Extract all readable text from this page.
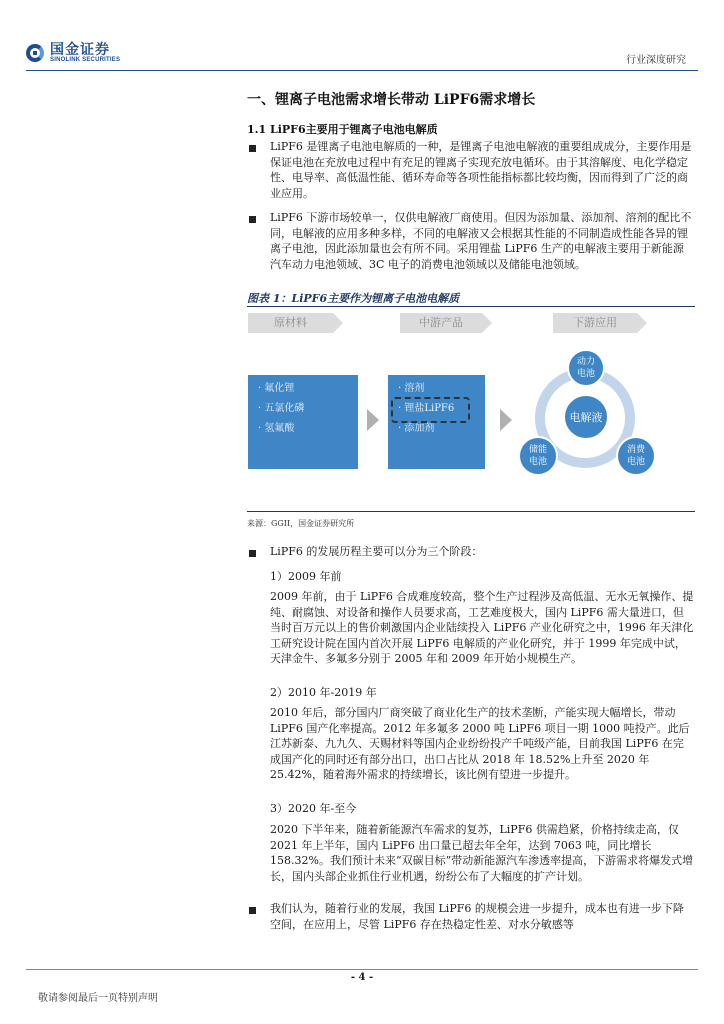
国金证券
SINOLINK SECURITIES	行业深度研究
一、锂离子电池需求增长带动 LiPF6需求增长
1.1 LiPF6主要用于锂离子电池电解质
LiPF6 是锂离子电池电解质的一种，是锂离子电池电解液的重要组成成分，主要作用是保证电池在充放电过程中有充足的锂离子实现充放电循环。由于其溶解度、电化学稳定性、电导率、高低温性能、循环寿命等各项性能指标都比较均衡，因而得到了广泛的商业应用。
LiPF6 下游市场较单一，仅供电解液厂商使用。但因为添加量、添加剂、溶剂的配比不同，电解液的应用多种多样，不同的电解液又会根据其性能的不同制造成性能各异的锂离子电池，因此添加量也会有所不同。采用锂盐 LiPF6 生产的电解液主要用于新能源汽车动力电池领域、3C 电子的消费电池领域以及储能电池领域。
图表 1：LiPF6主要作为锂离子电池电解质
原材料	中游产品	下游应用
· 氟化锂
· 五氯化磷
· 氢氟酸
· 溶剂
· 锂盐LiPF6
· 添加剂
电解液
动力电池
消费电池
储能电池
来源：GGII，国金证券研究所
LiPF6 的发展历程主要可以分为三个阶段：
1）2009 年前
2009 年前，由于 LiPF6 合成难度较高，整个生产过程涉及高低温、无水无氧操作、提纯、耐腐蚀、对设备和操作人员要求高，工艺难度极大，国内 LiPF6 需大量进口，但当时百万元以上的售价刺激国内企业陆续投入 LiPF6 产业化研究之中，1996 年天津化工研究设计院在国内首次开展 LiPF6 电解质的产业化研究，并于 1999 年完成中试，天津金牛、多氟多分别于 2005 年和 2009 年开始小规模生产。
2）2010 年-2019 年
2010 年后，部分国内厂商突破了商业化生产的技术垄断，产能实现大幅增长，带动 LiPF6 国产化率提高。2012 年多氟多 2000 吨 LiPF6 项目一期 1000 吨投产。此后江苏新泰、九九久、天赐材料等国内企业纷纷投产千吨级产能，目前我国 LiPF6 在完成国产化的同时还有部分出口，出口占比从 2018 年 18.52%上升至 2020 年 25.42%，随着海外需求的持续增长，该比例有望进一步提升。
3）2020 年-至今
2020 下半年来，随着新能源汽车需求的复苏，LiPF6 供需趋紧，价格持续走高，仅 2021 年上半年，国内 LiPF6 出口量已超去年全年，达到 7063 吨，同比增长 158.32%。我们预计未来“双碳目标”带动新能源汽车渗透率提高，下游需求将爆发式增长，国内头部企业抓住行业机遇，纷纷公布了大幅度的扩产计划。
我们认为，随着行业的发展，我国 LiPF6 的规模会进一步提升，成本也有进一步下降空间，在应用上，尽管 LiPF6 存在热稳定性差、对水分敏感等
- 4 -
敬请参阅最后一页特别声明
